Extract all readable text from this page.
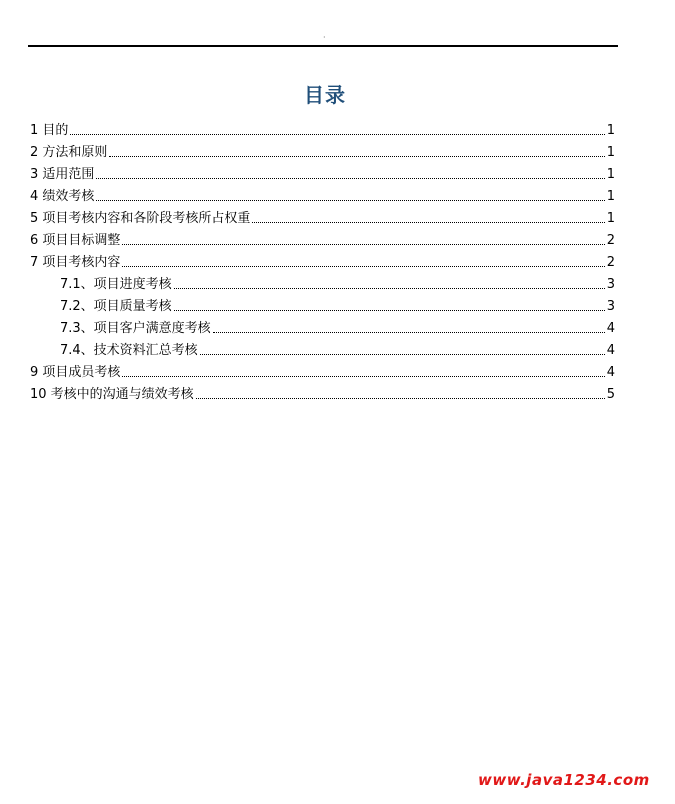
·
目录
1 目的	1
2 方法和原则	1
3 适用范围	1
4 绩效考核	1
5 项目考核内容和各阶段考核所占权重	1
6 项目目标调整	2
7 项目考核内容	2
7.1、项目进度考核	3
7.2、项目质量考核	3
7.3、项目客户满意度考核	4
7.4、技术资料汇总考核	4
9 项目成员考核	4
10 考核中的沟通与绩效考核	5
www.java1234.com
